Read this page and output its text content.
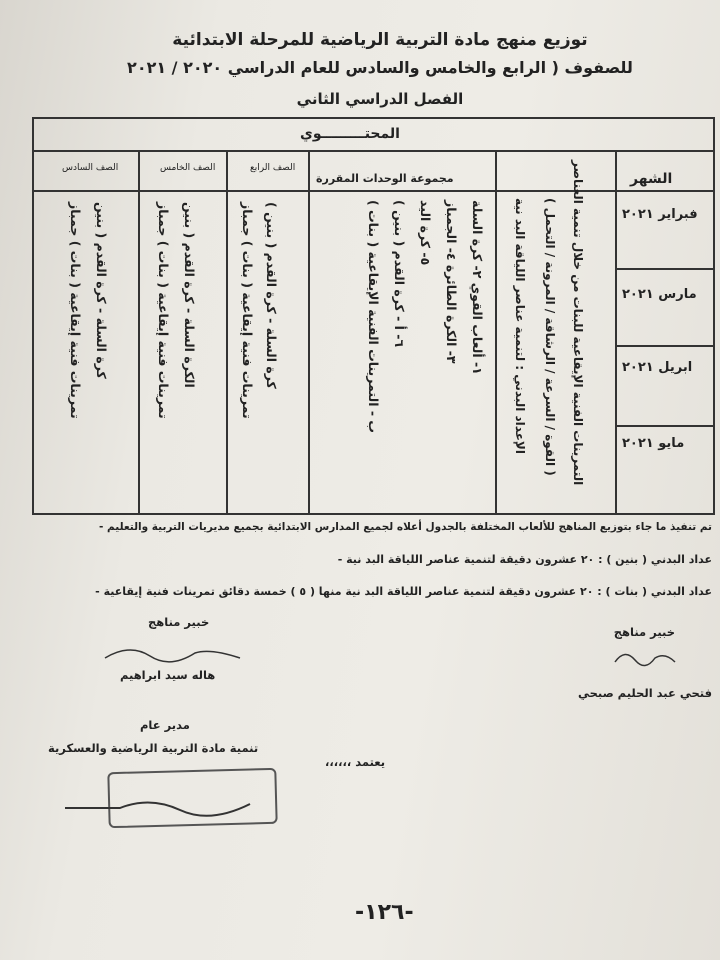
توزيع منهج مادة التربية الرياضية للمرحلة الابتدائية
للصفوف ( الرابع والخامس والسادس للعام الدراسي ٢٠٢٠ / ٢٠٢١
الفصل الدراسي الثاني
المحتـــــــــوي
الشهر
مجموعة الوحدات المقررة
الصف الرابع
الصف الخامس
الصف السادس
فبراير ٢٠٢١
مارس ٢٠٢١
ابريل ٢٠٢١
مايو ٢٠٢١
التمرينات الفنية الإيقاعية للبنات من خلال تنمية العناصر
( القوة / السرعة / الرشاقة / المرونة / التحمل )
الإعداد البدني : لتنمية عناصر اللياقة البد نية
١- ألعاب القوي ٢- كرة السلة
٣- الكرة الطائرة ٤- الجمباز
٥- كرة اليد
٦- أ - كرة القدم ( بنين )
ب - التمرينات الفنية الإيقاعية ( بنات )
كرة السلة - كرة القدم ( بنين )
تمرينات فنية إيقاعية ( بنات ) جمباز
الكرة السلة - كرة القدم ( بنين
تمرينات فنية إيقاعية ( بنات ) جمباز
كرة السلة - كرة القدم ( بنين
تمرينات فنية إيقاعية ( بنات ) جمباز
تم تنفيذ ما جاء بتوزيع المناهج للألعاب المختلفة بالجدول أعلاه لجميع المدارس الابتدائية بجميع مديريات التربية والتعليم -
عداد البدني ( بنين ) : ٢٠ عشرون دقيقة لتنمية عناصر اللياقة البد نية -
عداد البدني ( بنات ) : ٢٠ عشرون دقيقة لتنمية عناصر اللياقة البد نية منها ( ٥ ) خمسة دقائق تمرينات فنية إيقاعية -
خبير مناهج
هاله سيد ابراهيم
خبير مناهج
فتحي عبد الحليم صبحي
مدير عام
تنمية مادة التربية الرياضية والعسكرية
يعتمد ،،،،،،
-١٢٦-
